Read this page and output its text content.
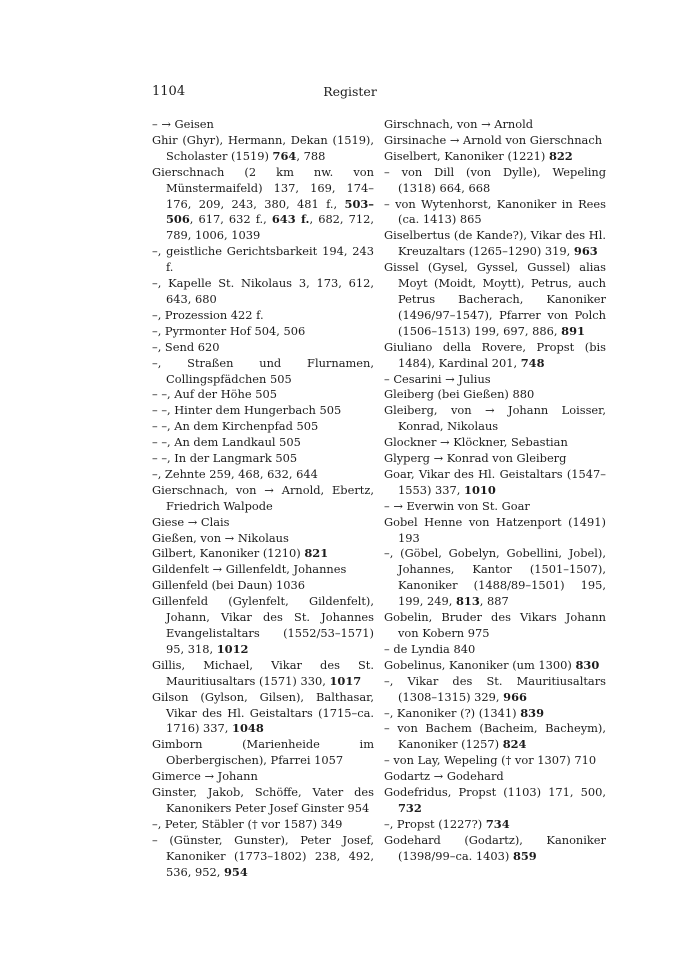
1104	Register

– → Geisen

Ghir (Ghyr), Hermann, Dekan (1519), Scholaster (1519) 764, 788

Gierschnach (2 km nw. von Münstermaifeld) 137, 169, 174–176, 209, 243, 380, 481 f., 503–506, 617, 632 f., 643 f., 682, 712, 789, 1006, 1039

–, geistliche Gerichtsbarkeit 194, 243 f.

–, Kapelle St. Nikolaus 3, 173, 612, 643, 680

–, Prozession 422 f.

–, Pyrmonter Hof 504, 506

–, Send 620

–, Straßen und Flurnamen, Collingspfädchen 505

– –, Auf der Höhe 505

– –, Hinter dem Hungerbach 505

– –, An dem Kirchenpfad 505

– –, An dem Landkaul 505

– –, In der Langmark 505

–, Zehnte 259, 468, 632, 644

Gierschnach, von → Arnold, Ebertz, Friedrich Walpode

Giese → Clais

Gießen, von → Nikolaus

Gilbert, Kanoniker (1210) 821

Gildenfelt → Gillenfeldt, Johannes

Gillenfeld (bei Daun) 1036

Gillenfeld (Gylenfelt, Gildenfelt), Johann, Vikar des St. Johannes Evangelistaltars (1552/53–1571) 95, 318, 1012

Gillis, Michael, Vikar des St. Mauritiusaltars (1571) 330, 1017

Gilson (Gylson, Gilsen), Balthasar, Vikar des Hl. Geistaltars (1715–ca. 1716) 337, 1048

Gimborn (Marienheide im Oberbergischen), Pfarrei 1057

Gimerce → Johann

Ginster, Jakob, Schöffe, Vater des Kanonikers Peter Josef Ginster 954

–, Peter, Stäbler († vor 1587) 349

– (Günster, Gunster), Peter Josef, Kanoniker (1773–1802) 238, 492, 536, 952, 954

Girschnach, von → Arnold

Girsinache → Arnold von Gierschnach

Giselbert, Kanoniker (1221) 822

– von Dill (von Dylle), Wepeling (1318) 664, 668

– von Wytenhorst, Kanoniker in Rees (ca. 1413) 865

Giselbertus (de Kande?), Vikar des Hl. Kreuzaltars (1265–1290) 319, 963

Gissel (Gysel, Gyssel, Gussel) alias Moyt (Moidt, Moytt), Petrus, auch Petrus Bacherach, Kanoniker (1496/97–1547), Pfarrer von Polch (1506–1513) 199, 697, 886, 891

Giuliano della Rovere, Propst (bis 1484), Kardinal 201, 748

– Cesarini → Julius

Gleiberg (bei Gießen) 880

Gleiberg, von → Johann Loisser, Konrad, Nikolaus

Glockner → Klöckner, Sebastian

Glyperg → Konrad von Gleiberg

Goar, Vikar des Hl. Geistaltars (1547–1553) 337, 1010

– → Everwin von St. Goar

Gobel Henne von Hatzenport (1491) 193

–, (Göbel, Gobelyn, Gobellini, Jobel), Johannes, Kantor (1501–1507), Kanoniker (1488/89–1501) 195, 199, 249, 813, 887

Gobelin, Bruder des Vikars Johann von Kobern 975

– de Lyndia 840

Gobelinus, Kanoniker (um 1300) 830

–, Vikar des St. Mauritiusaltars (1308–1315) 329, 966

–, Kanoniker (?) (1341) 839

– von Bachem (Bacheim, Bacheym), Kanoniker (1257) 824

– von Lay, Wepeling († vor 1307) 710

Godartz → Godehard

Godefridus, Propst (1103) 171, 500, 732

–, Propst (1227?) 734

Godehard (Godartz), Kanoniker (1398/99–ca. 1403) 859
